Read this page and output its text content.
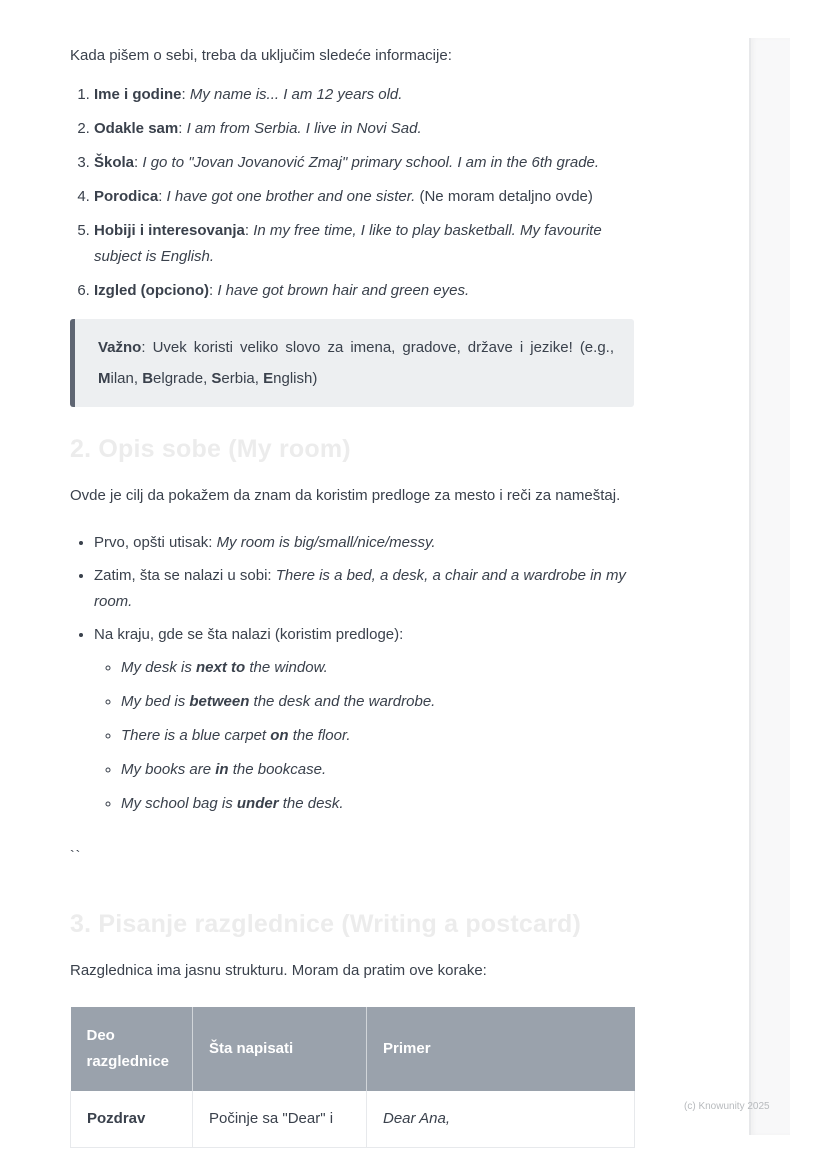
Kada pišem o sebi, treba da uključim sledeće informacije:

1. Ime i godine: My name is... I am 12 years old.
2. Odakle sam: I am from Serbia. I live in Novi Sad.
3. Škola: I go to "Jovan Jovanović Zmaj" primary school. I am in the 6th grade.
4. Porodica: I have got one brother and one sister. (Ne moram detaljno ovde)
5. Hobiji i interesovanja: In my free time, I like to play basketball. My favourite subject is English.
6. Izgled (opciono): I have got brown hair and green eyes.

Važno: Uvek koristi veliko slovo za imena, gradove, države i jezike! (e.g., Milan, Belgrade, Serbia, English)

2. Opis sobe (My room)

Ovde je cilj da pokažem da znam da koristim predloge za mesto i reči za nameštaj.

• Prvo, opšti utisak: My room is big/small/nice/messy.
• Zatim, šta se nalazi u sobi: There is a bed, a desk, a chair and a wardrobe in my room.
• Na kraju, gde se šta nalazi (koristim predloge):
◦ My desk is next to the window.
◦ My bed is between the desk and the wardrobe.
◦ There is a blue carpet on the floor.
◦ My books are in the bookcase.
◦ My school bag is under the desk.

``

3. Pisanje razglednice (Writing a postcard)

Razglednica ima jasnu strukturu. Moram da pratim ove korake:

Deo razglednice	Šta napisati	Primer
Pozdrav	Počinje sa "Dear" i	Dear Ana,
(c) Knowunity 2025
